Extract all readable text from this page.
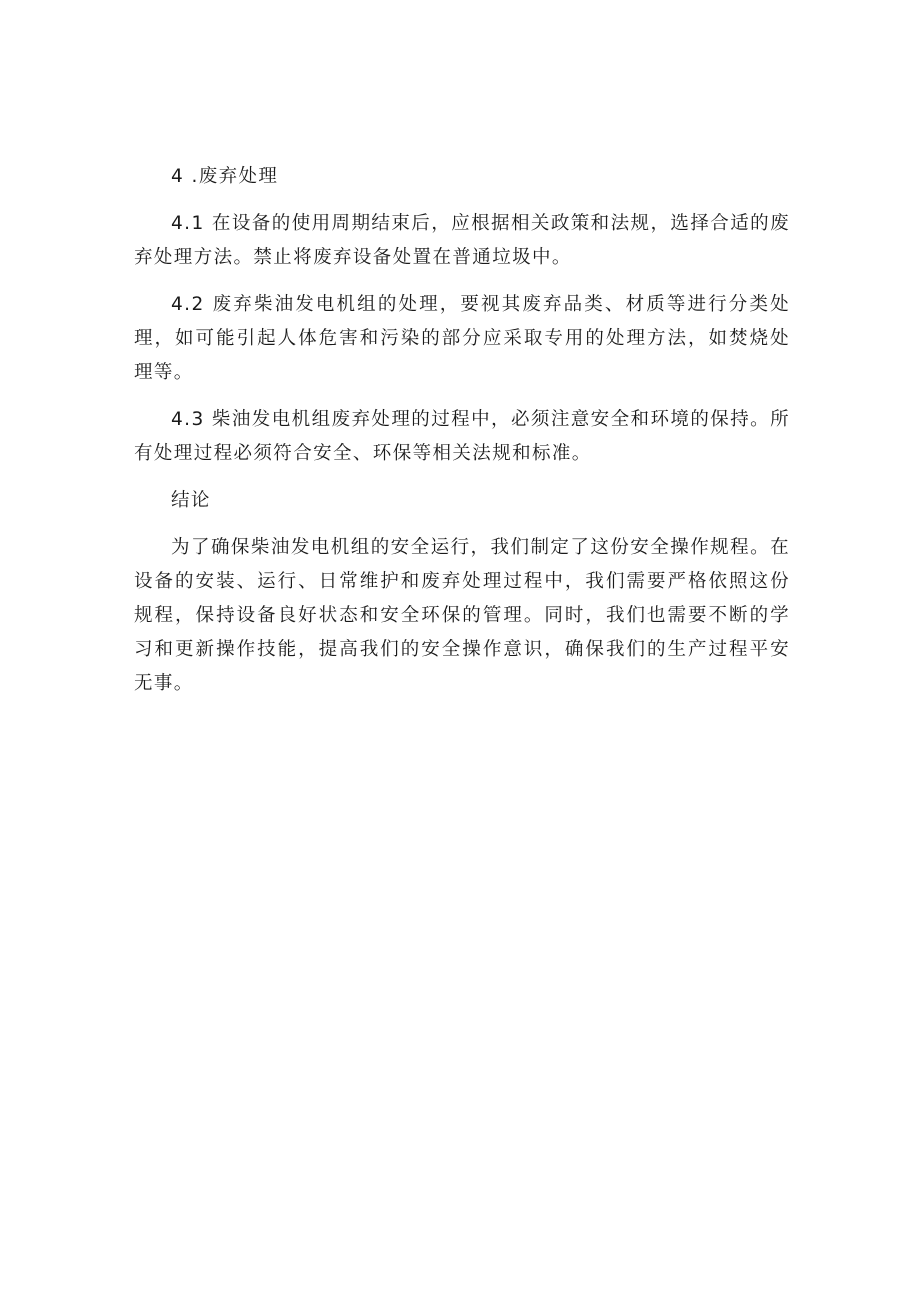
4 .废弃处理

4.1 在设备的使用周期结束后，应根据相关政策和法规，选择合适的废弃处理方法。禁止将废弃设备处置在普通垃圾中。

4.2 废弃柴油发电机组的处理，要视其废弃品类、材质等进行分类处理，如可能引起人体危害和污染的部分应采取专用的处理方法，如焚烧处理等。

4.3 柴油发电机组废弃处理的过程中，必须注意安全和环境的保持。所有处理过程必须符合安全、环保等相关法规和标准。

结论

为了确保柴油发电机组的安全运行，我们制定了这份安全操作规程。在设备的安装、运行、日常维护和废弃处理过程中，我们需要严格依照这份规程，保持设备良好状态和安全环保的管理。同时，我们也需要不断的学习和更新操作技能，提高我们的安全操作意识，确保我们的生产过程平安无事。
